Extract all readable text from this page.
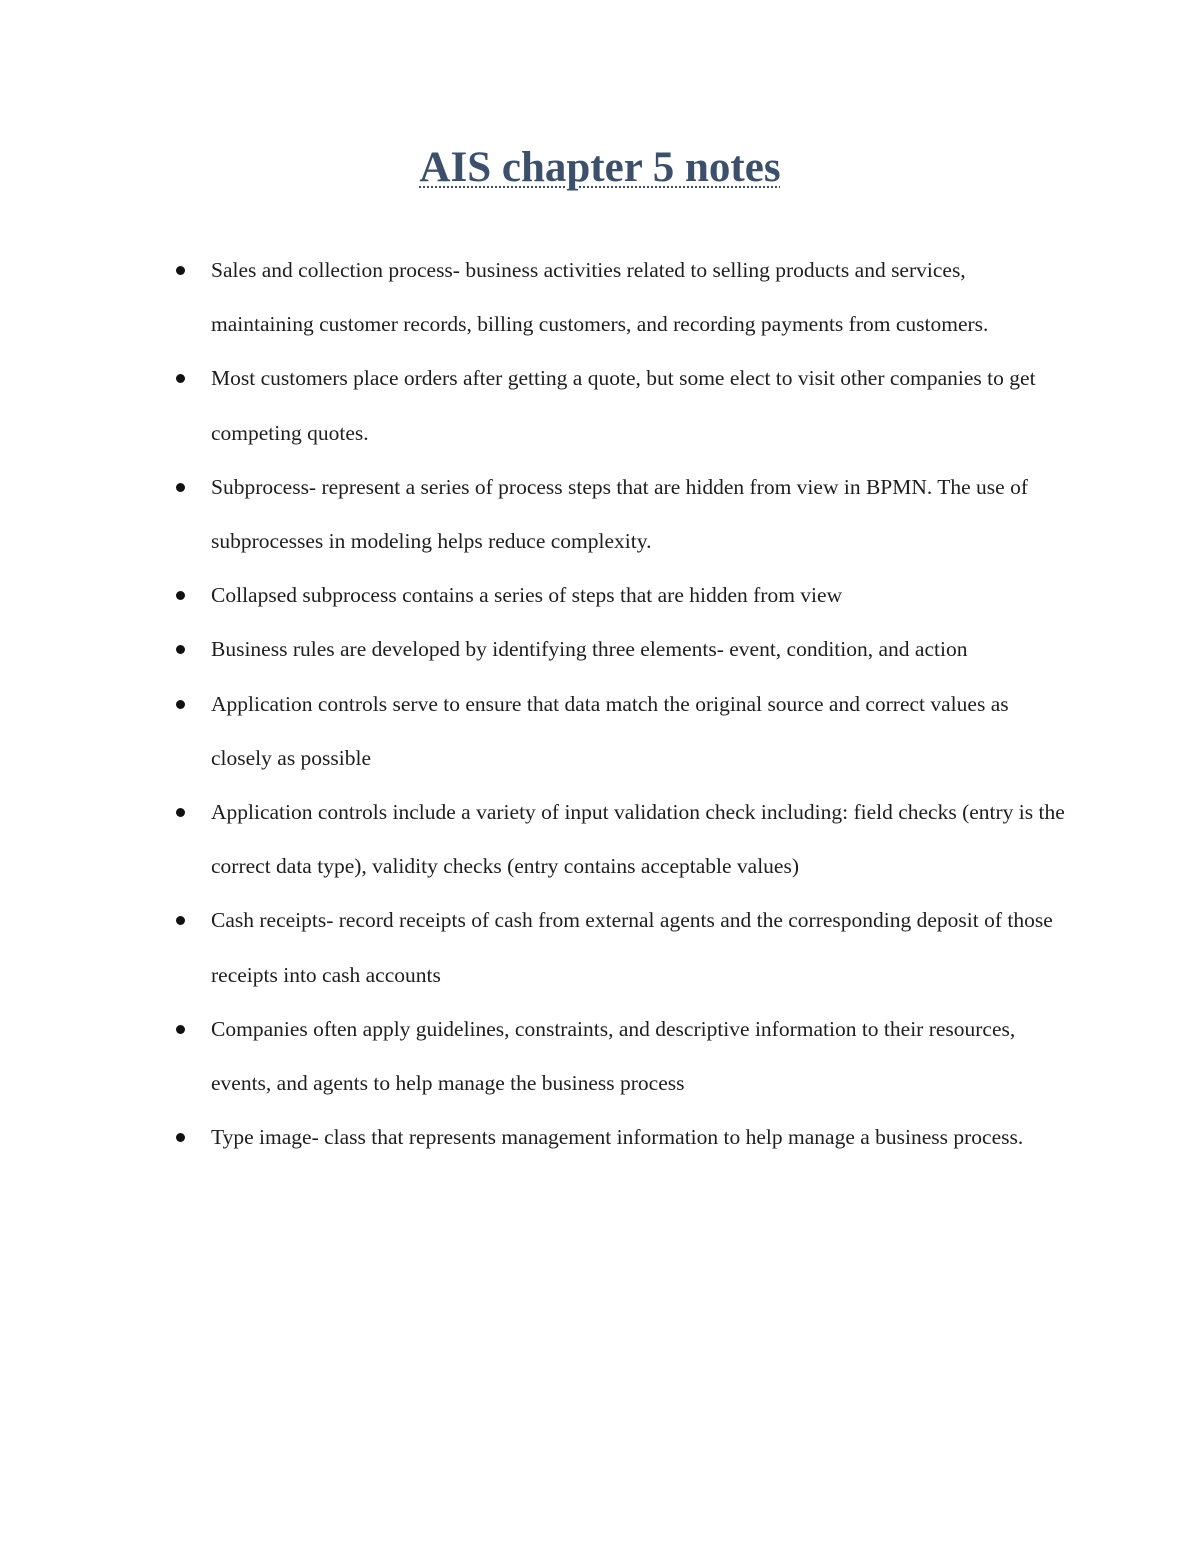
AIS chapter 5 notes
Sales and collection process- business activities related to selling products and services, maintaining customer records, billing customers, and recording payments from customers.
Most customers place orders after getting a quote, but some elect to visit other companies to get competing quotes.
Subprocess- represent a series of process steps that are hidden from view in BPMN. The use of subprocesses in modeling helps reduce complexity.
Collapsed subprocess contains a series of steps that are hidden from view
Business rules are developed by identifying three elements- event, condition, and action
Application controls serve to ensure that data match the original source and correct values as closely as possible
Application controls include a variety of input validation check including: field checks (entry is the correct data type), validity checks (entry contains acceptable values)
Cash receipts- record receipts of cash from external agents and the corresponding deposit of those receipts into cash accounts
Companies often apply guidelines, constraints, and descriptive information to their resources, events, and agents to help manage the business process
Type image- class that represents management information to help manage a business process.
